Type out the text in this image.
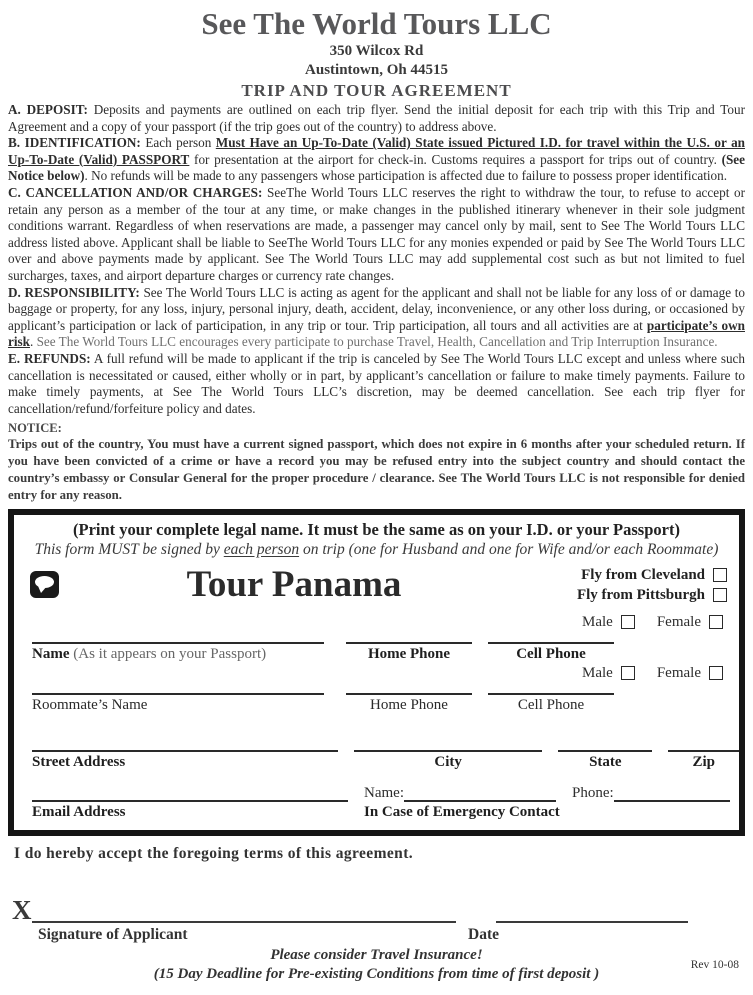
See The World Tours LLC
350 Wilcox Rd
Austintown, Oh 44515
TRIP AND TOUR AGREEMENT

A. DEPOSIT: Deposits and payments are outlined on each trip flyer. Send the initial deposit for each trip with this Trip and Tour Agreement and a copy of your passport (if the trip goes out of the country) to address above.

B. IDENTIFICATION: Each person Must Have an Up-To-Date (Valid) State issued Pictured I.D. for travel within the U.S. or an Up-To-Date (Valid) PASSPORT for presentation at the airport for check-in. Customs requires a passport for trips out of country. (See Notice below). No refunds will be made to any passengers whose participation is affected due to failure to possess proper identification.

C. CANCELLATION AND/OR CHARGES: SeeThe World Tours LLC reserves the right to withdraw the tour, to refuse to accept or retain any person as a member of the tour at any time, or make changes in the published itinerary whenever in their sole judgment conditions warrant. Regardless of when reservations are made, a passenger may cancel only by mail, sent to See The World Tours LLC address listed above. Applicant shall be liable to SeeThe World Tours LLC for any monies expended or paid by See The World Tours LLC over and above payments made by applicant. See The World Tours LLC may add supplemental cost such as but not limited to fuel surcharges, taxes, and airport departure charges or currency rate changes.

D. RESPONSIBILITY: See The World Tours LLC is acting as agent for the applicant and shall not be liable for any loss of or damage to baggage or property, for any loss, injury, personal injury, death, accident, delay, inconvenience, or any other loss during, or occasioned by applicant’s participation or lack of participation, in any trip or tour. Trip participation, all tours and all activities are at participate’s own risk. See The World Tours LLC encourages every participate to purchase Travel, Health, Cancellation and Trip Interruption Insurance.

E. REFUNDS: A full refund will be made to applicant if the trip is canceled by See The World Tours LLC except and unless where such cancellation is necessitated or caused, either wholly or in part, by applicant’s cancellation or failure to make timely payments. Failure to make timely payments, at See The World Tours LLC’s discretion, may be deemed cancellation. See each trip flyer for cancellation/refund/forfeiture policy and dates.

NOTICE:
Trips out of the country, You must have a current signed passport, which does not expire in 6 months after your scheduled return. If you have been convicted of a crime or have a record you may be refused entry into the subject country and should contact the country’s embassy or Consular General for the proper procedure / clearance. See The World Tours LLC is not responsible for denied entry for any reason.
(Print your complete legal name. It must be the same as on your I.D. or your Passport)
This form MUST be signed by each person on trip (one for Husband and one for Wife and/or each Roommate)
Tour Panama	Fly from Cleveland
Fly from Pittsburgh
Male	Female
Name (As it appears on your Passport)	Home Phone	Cell Phone
Male	Female
Roommate’s Name	Home Phone	Cell Phone
Street Address	City	State	Zip
Name:	Phone:
Email Address	In Case of Emergency Contact
I do hereby accept the foregoing terms of this agreement.
X
Signature of Applicant	Date
Please consider Travel Insurance!
(15 Day Deadline for Pre-existing Conditions from time of first deposit )
Rev 10-08
